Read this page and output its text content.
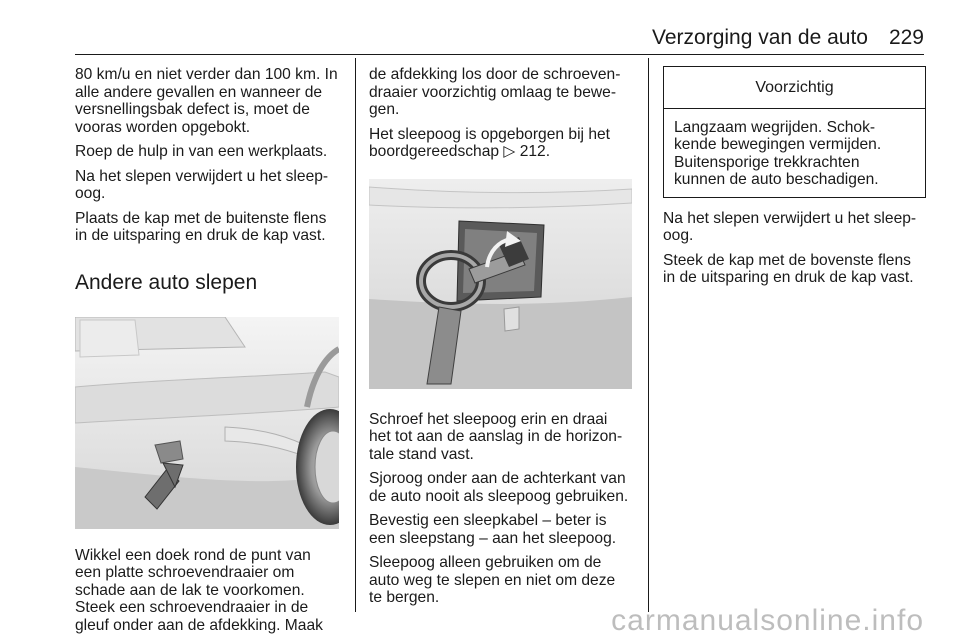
Verzorging van de auto 229

80 km/u en niet verder dan 100 km. In
alle andere gevallen en wanneer de
versnellingsbak defect is, moet de
vooras worden opgebokt.

Roep de hulp in van een werkplaats.

Na het slepen verwijdert u het sleep-
oog.

Plaats de kap met de buitenste flens
in de uitsparing en druk de kap vast.

Andere auto slepen

Wikkel een doek rond de punt van
een platte schroevendraaier om
schade aan de lak te voorkomen.
Steek een schroevendraaier in de
gleuf onder aan de afdekking. Maak

de afdekking los door de schroeven-
draaier voorzichtig omlaag te bewe-
gen.

Het sleepoog is opgeborgen bij het
boordgereedschap ▷ 212.

Schroef het sleepoog erin en draai
het tot aan de aanslag in de horizon-
tale stand vast.

Sjoroog onder aan de achterkant van
de auto nooit als sleepoog gebruiken.

Bevestig een sleepkabel – beter is
een sleepstang – aan het sleepoog.

Sleepoog alleen gebruiken om de
auto weg te slepen en niet om deze
te bergen.

Voorzichtig
Langzaam wegrijden. Schok-
kende bewegingen vermijden.
Buitensporige trekkrachten
kunnen de auto beschadigen.

Na het slepen verwijdert u het sleep-
oog.

Steek de kap met de bovenste flens
in de uitsparing en druk de kap vast.

carmanualsonline.info
